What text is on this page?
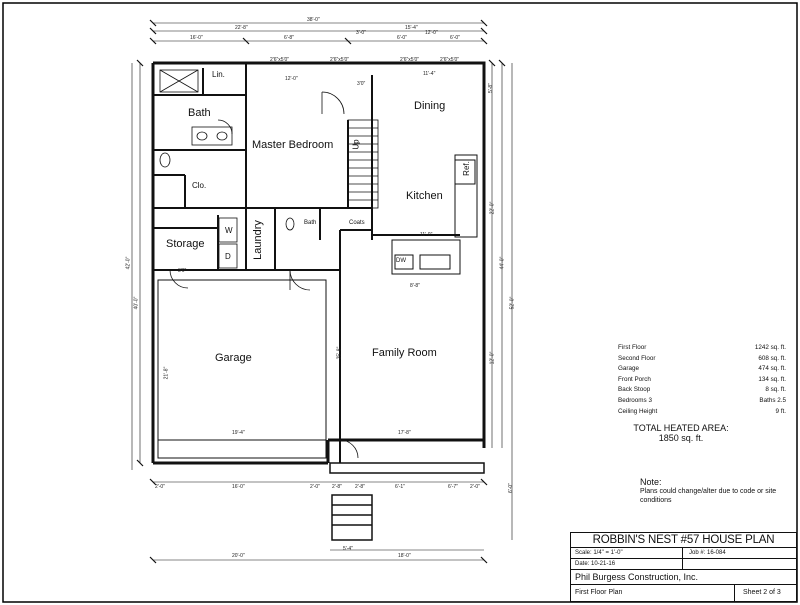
Bath
Lin.
Master Bedroom
Clo.
Dining
Up
Kitchen
Ref.
Storage
W
D Laundry	Bath	Coats
DW
Garage	Family Room
38'-0"
22'-8"	15'-4"
16'-0"	6'-8"
3'-0"
6'-0"
12'-0"
6'-0"
2'6"x5'0"	2'6"x5'0"	2'6"x5'0"	2'6"x5'0"
12'-0"
11'-4"
11'-0"
19'-4"	17'-8"
25'-8"
21'-8"
42'-0"
40'-0"	52'-0"
44'-0"
22'-0"
12'-0"
5'-8"
6'-0"
20'-0"	18'-0"
2'-0"	16'-0"	2'-0" 2'-8"	2'-8"	6'-1"	6'-7" 2'-0"
5'-4"
8'-8"
3'0"
3'0"
First Floor	1242 sq. ft.
Second Floor	608 sq. ft.
Garage	474 sq. ft.
Front Porch	134 sq. ft.
Back Stoop	8 sq. ft.
Bedrooms 3	Baths 2.5
Ceiling Height	9 ft.
TOTAL HEATED AREA:
1850 sq. ft.
Note:
Plans could change/alter due to code or site conditions
ROBBIN'S NEST #57 HOUSE PLAN
Scale: 1/4" = 1'-0"	Job #: 16-084
Date: 10-21-16
Phil Burgess Construction, Inc.
First Floor Plan	Sheet 2 of 3
